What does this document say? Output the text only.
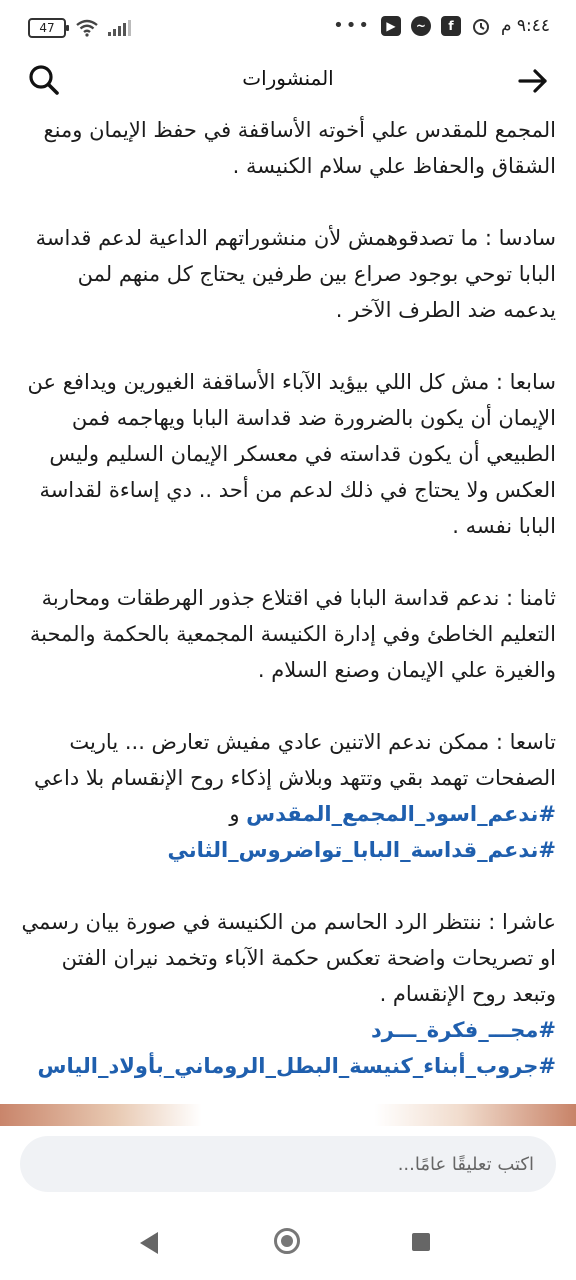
47	•••	▶	~	f	٩:٤٤ م
المنشورات

المجمع للمقدس علي أخوته الأساقفة في حفظ الإيمان ومنع الشقاق والحفاظ علي سلام الكنيسة .

سادسا : ما تصدقوهمش لأن منشوراتهم الداعية لدعم قداسة البابا توحي بوجود صراع بين طرفين يحتاج كل منهم لمن يدعمه ضد الطرف الآخر .

سابعا : مش كل اللي بيؤيد الآباء الأساقفة الغيورين ويدافع عن الإيمان أن يكون بالضرورة ضد قداسة البابا ويهاجمه فمن الطبيعي أن يكون قداسته في معسكر الإيمان السليم وليس العكس ولا يحتاج في ذلك لدعم من أحد .. دي إساءة لقداسة البابا نفسه .

ثامنا : ندعم قداسة البابا في اقتلاع جذور الهرطقات ومحاربة التعليم الخاطئ وفي إدارة الكنيسة المجمعية بالحكمة والمحبة والغيرة علي الإيمان وصنع السلام .

تاسعا : ممكن ندعم الاتنين عادي مفيش تعارض ... ياريت الصفحات تهمد بقي وتتهد وبلاش إذكاء روح الإنقسام بلا داعي #ندعم_اسود_المجمع_المقدس و
#ندعم_قداسة_البابا_تواضروس_الثاني

عاشرا : ننتظر الرد الحاسم من الكنيسة في صورة بيان رسمي او تصريحات واضحة تعكس حكمة الآباء وتخمد نيران الفتن وتبعد روح الإنقسام .
#مجـــ_فكرة_ـــرد
#جروب_أبناء_كنيسة_البطل_الروماني_بأولاد_الياس

اكتب تعليقًا عامًا...
